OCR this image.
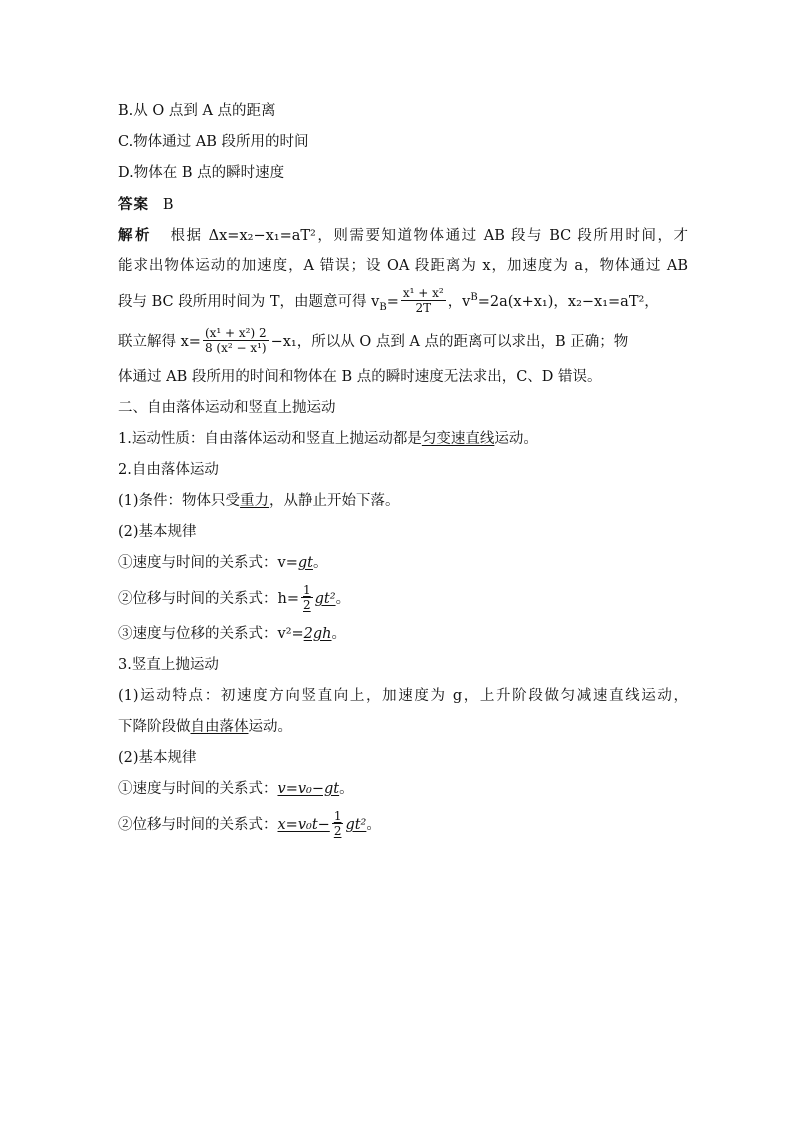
B.从 O 点到 A 点的距离
C.物体通过 AB 段所用的时间
D.物体在 B 点的瞬时速度
答案 B
解析 根据 Δx=x₂−x₁=aT²，则需要知道物体通过 AB 段与 BC 段所用时间，才
能求出物体运动的加速度，A 错误；设 OA 段距离为 x，加速度为 a，物体通过 AB
段与 BC 段所用时间为 T，由题意可得 $v_B= \frac{\text{x¹ + x²}}{2T}$ ，$v^B=2a(x+x_1)$，x₂−x₁=aT²，
联立解得 $x= \frac{\text{(x¹ + x²) 2}}{\text{8 (x² − x¹)}} -x_1$，所以从 O 点到 A 点的距离可以求出，B 正确；物
体通过 AB 段所用的时间和物体在 B 点的瞬时速度无法求出，C、D 错误。
二、自由落体运动和竖直上抛运动
1.运动性质：自由落体运动和竖直上抛运动都是匀变速直线运动。
2.自由落体运动
(1)条件：物体只受重力，从静止开始下落。
(2)基本规律
①速度与时间的关系式：v=gt。
②位移与时间的关系式：$h= \frac{1}{2} gt^2$。
③速度与位移的关系式：v²=2gh。
3.竖直上抛运动
(1)运动特点：初速度方向竖直向上，加速度为 g，上升阶段做匀减速直线运动，
下降阶段做自由落体运动。
(2)基本规律
①速度与时间的关系式：v=v₀−gt。
②位移与时间的关系式：$x=v_0t- \frac{1}{2} gt^2$。
